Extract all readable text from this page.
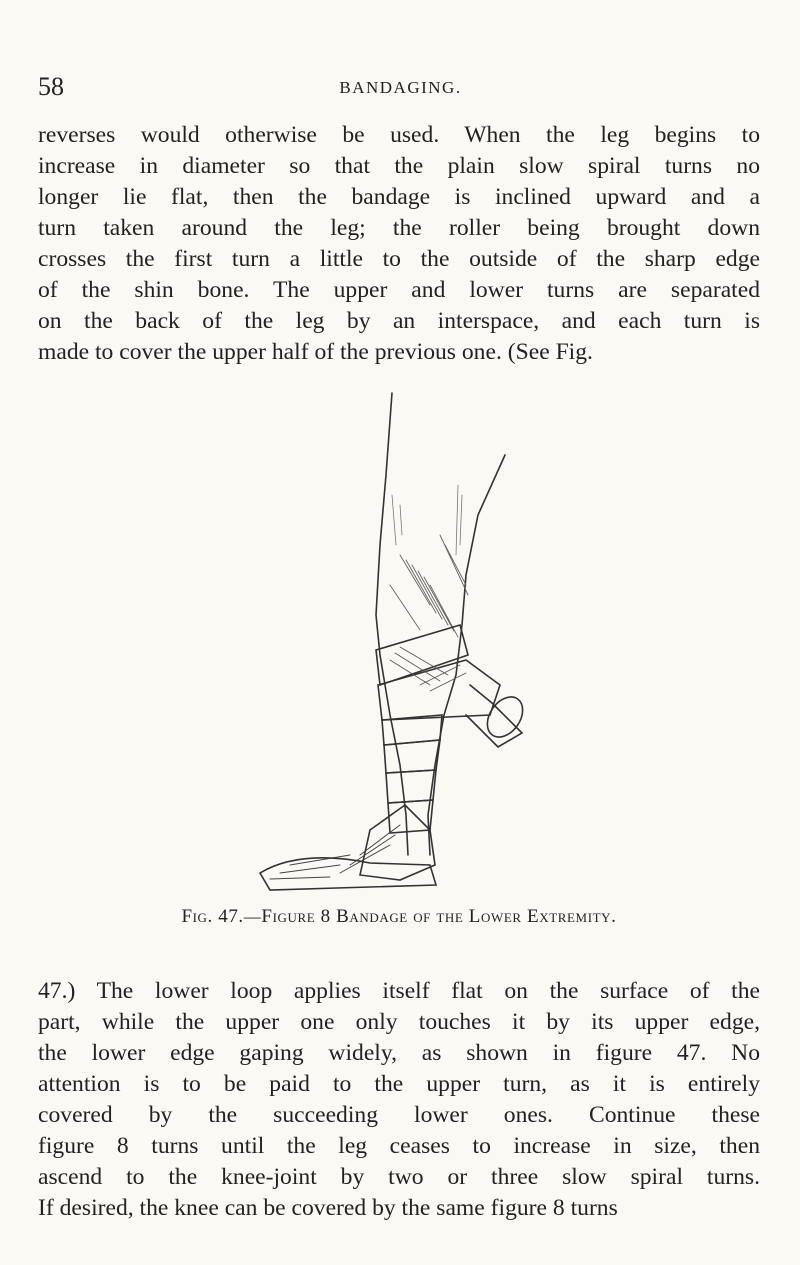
58	BANDAGING.
reverses would otherwise be used. When the leg begins to
increase in diameter so that the plain slow spiral turns no
longer lie flat, then the bandage is inclined upward and a
turn taken around the leg; the roller being brought down
crosses the first turn a little to the outside of the sharp edge
of the shin bone. The upper and lower turns are separated
on the back of the leg by an interspace, and each turn is
made to cover the upper half of the previous one. (See Fig.
Fig. 47.—Figure 8 Bandage of the Lower Extremity.
47.) The lower loop applies itself flat on the surface of the
part, while the upper one only touches it by its upper edge,
the lower edge gaping widely, as shown in figure 47. No
attention is to be paid to the upper turn, as it is entirely
covered by the succeeding lower ones. Continue these
figure 8 turns until the leg ceases to increase in size, then
ascend to the knee-joint by two or three slow spiral turns.
If desired, the knee can be covered by the same figure 8 turns
